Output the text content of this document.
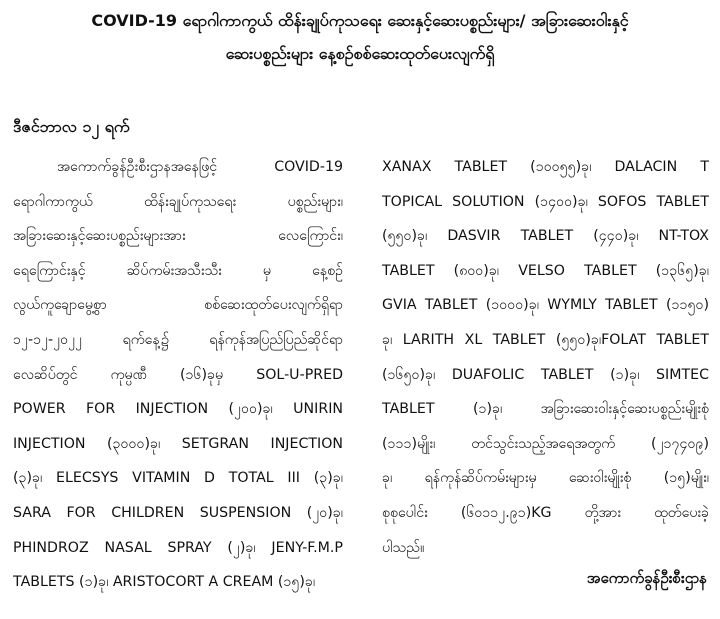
COVID-19 ရောဂါကာကွယ် ထိန်းချုပ်ကုသရေး ဆေးနှင့်ဆေးပစ္စည်းများ/ အခြားဆေးဝါးနှင့်
ဆေးပစ္စည်းများ နေ့စဉ်စစ်ဆေးထုတ်ပေးလျက်ရှိ
ဒီဇင်ဘာလ ၁၂ ရက်
အကောက်ခွန်ဦးစီးဌာနအနေဖြင့် COVID-19
ရောဂါကာကွယ် ထိန်းချုပ်ကုသရေး ပစ္စည်းများ၊
အခြားဆေးနှင့်ဆေးပစ္စည်းများအား လေကြောင်း၊
ရေကြောင်းနှင့် ဆိပ်ကမ်းအသီးသီး မှ နေ့စဉ်
လွယ်ကူချောမွေ့စွာ စစ်ဆေးထုတ်ပေးလျက်ရှိရာ
၁၂-၁၂-၂၀၂၂ ရက်နေ့၌ ရန်ကုန်အပြည်ပြည်ဆိုင်ရာ
လေဆိပ်တွင် ကုမ္ပဏီ (၁၆)ခုမှ SOL-U-PRED
POWER FOR INJECTION (၂၀၀)ခု၊ UNIRIN
INJECTION (၃၀၀၀)ခု၊ SETGRAN INJECTION
(၃)ခု၊ ELECSYS VITAMIN D TOTAL III (၃)ခု၊
SARA FOR CHILDREN SUSPENSION (၂၀)ခု၊
PHINDROZ NASAL SPRAY (၂)ခု၊ JENY-F.M.P
TABLETS (၁)ခု၊ ARISTOCORT A CREAM (၁၅)ခု၊
XANAX TABLET (၁၀၀၅၅)ခု၊ DALACIN T
TOPICAL SOLUTION (၁၄၀၀)ခု၊ SOFOS TABLET
(၅၅၀)ခု၊ DASVIR TABLET (၄၄၀)ခု၊ NT-TOX
TABLET (၈၀၀)ခု၊ VELSO TABLET (၁၃၆၅)ခု၊
GVIA TABLET (၁၀၀၀)ခု၊ WYMLY TABLET (၁၁၅၀)
ခု၊ LARITH XL TABLET (၅၅၀)ခု၊FOLAT TABLET
(၁၆၅၀)ခု၊ DUAFOLIC TABLET (၁)ခု၊ SIMTEC
TABLET (၁)ခု၊ အခြားဆေးဝါးနှင့်ဆေးပစ္စည်းမျိုးစုံ
(၁၁၁)မျိုး၊ တင်သွင်းသည့်အရေအတွက် (၂၁၇၄၀၉)
ခု၊ ရန်ကုန်ဆိပ်ကမ်းများမှ ဆေးဝါးမျိုးစုံ (၁၅)မျိုး၊
စုစုပေါင်း (၆၀၁၁၂.၉၁)KG တို့အား ထုတ်ပေးခဲ့
ပါသည်။
အကောက်ခွန်ဦးစီးဌာန
